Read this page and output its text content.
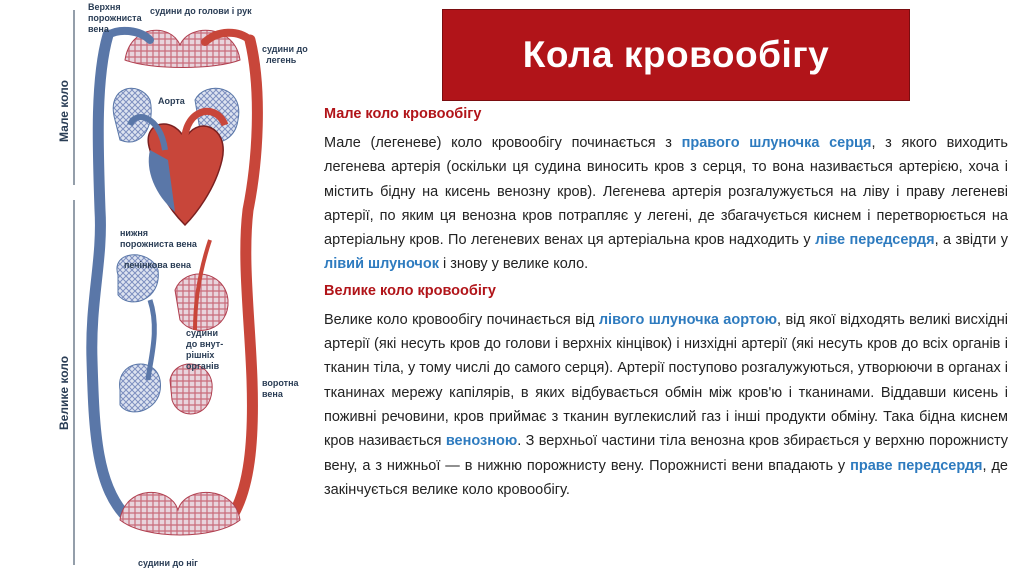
Мале коло
Велике коло
Верхня
порожниста
вена
судини до голови і рук
судини до
легень
Аорта
нижня
порожниста вена
печінкова вена
судини
до внут-
рішніх
органів
воротна
вена
судини до ніг
Кола кровообігу
Мале коло кровообігу

Мале (легеневе) коло кровообігу починається з правого шлуночка серця, з якого виходить легенева артерія (оскільки ця судина виносить кров з серця, то вона називається артерією, хоча і містить бідну на кисень венозну кров). Легенева артерія розгалужується на ліву і праву легеневі артерії, по яким ця венозна кров потрапляє у легені, де збагачується киснем і перетворюється на артеріальну кров. По легеневих венах ця артеріальна кров надходить у ліве передсердя, а звідти у лівий шлуночок і знову у велике коло.

Велике коло кровообігу

Велике коло кровообігу починається від лівого шлуночка аортою, від якої відходять великі висхідні артерії (які несуть кров до голови і верхніх кінцівок) і низхідні артерії (які несуть кров до всіх органів і тканин тіла, у тому числі до самого серця). Артерії поступово розгалужуються, утворюючи в органах і тканинах мережу капілярів, в яких відбувається обмін між кров'ю і тканинами. Віддавши кисень і поживні речовини, кров приймає з тканин вуглекислий газ і інші продукти обміну. Така бідна киснем кров називається венозною. З верхньої частини тіла венозна кров збирається у верхню порожнисту вену, а з нижньої — в нижню порожнисту вену. Порожнисті вени впадають у праве передсердя, де закінчується велике коло кровообігу.
